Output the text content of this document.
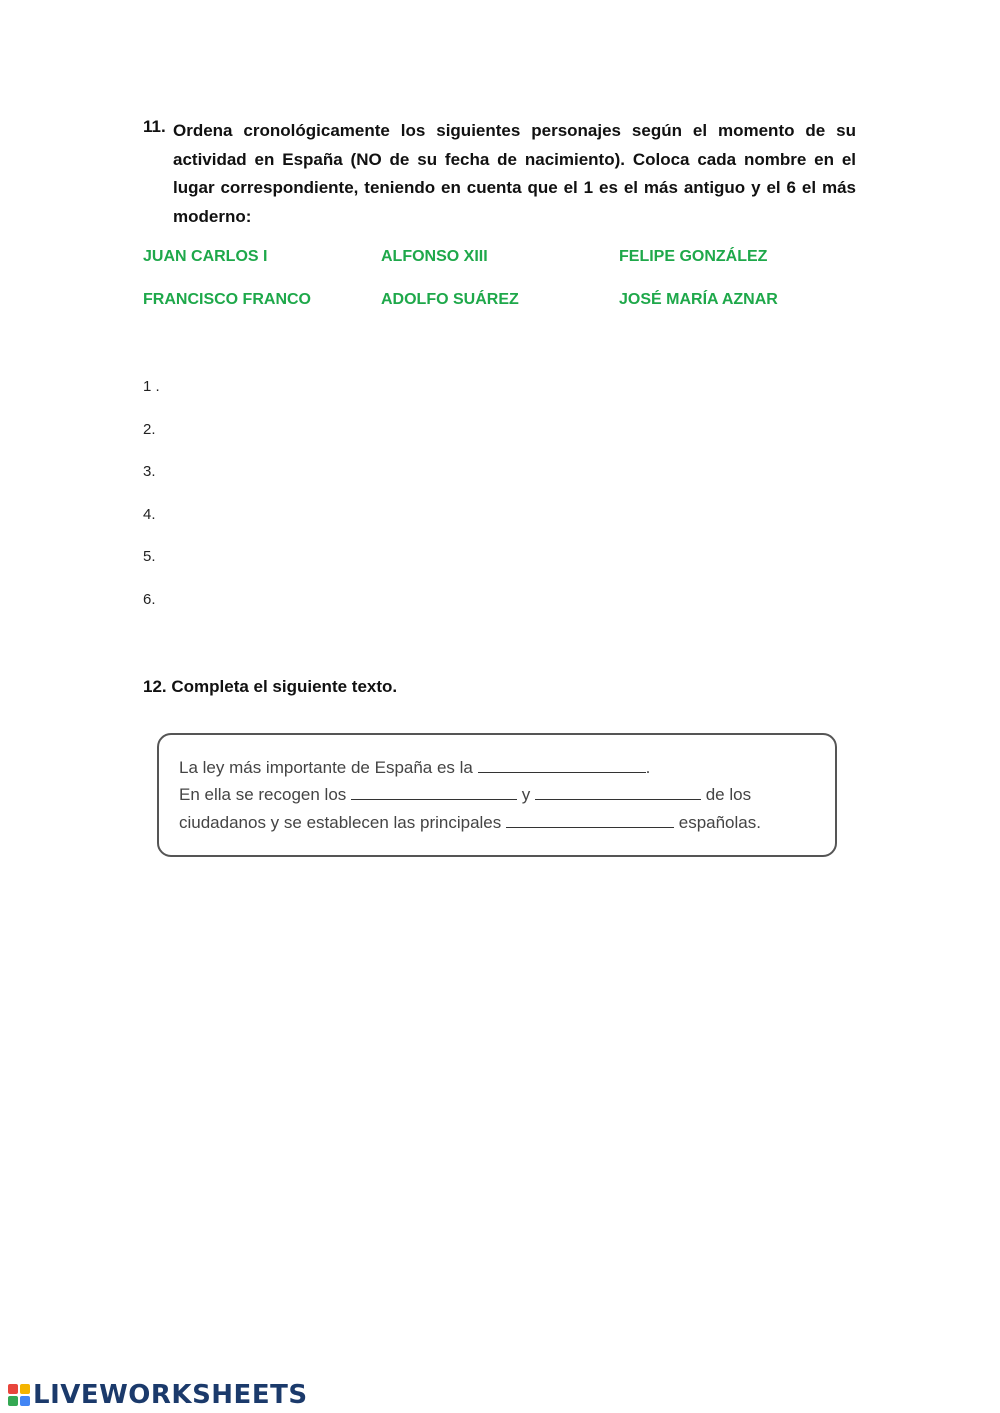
11. Ordena cronológicamente los siguientes personajes según el momento de su actividad en España (NO de su fecha de nacimiento). Coloca cada nombre en el lugar correspondiente, teniendo en cuenta que el 1 es el más antiguo y el 6 el más moderno:
JUAN CARLOS I	ALFONSO XIII	FELIPE GONZÁLEZ
FRANCISCO FRANCO	ADOLFO SUÁREZ	JOSÉ MARÍA AZNAR
1 .
2.
3.
4.
5.
6.
12. Completa el siguiente texto.
La ley más importante de España es la	.
En ella se recogen los	y	de los
ciudadanos y se establecen las principales	españolas.
LIVEWORKSHEETS
